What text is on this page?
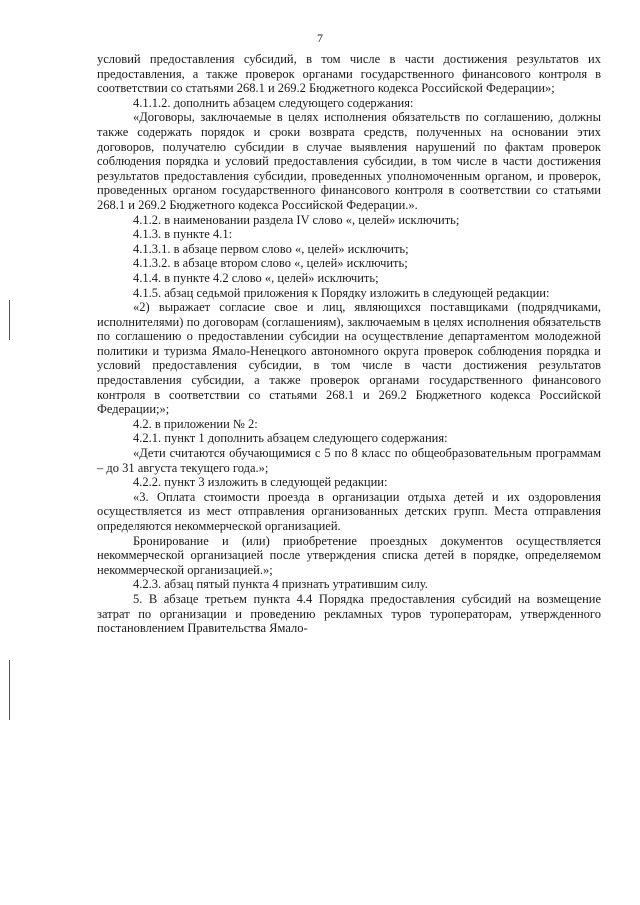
7

условий предоставления субсидий, в том числе в части достижения результатов их предоставления, а также проверок органами государственного финансового контроля в соответствии со статьями 268.1 и 269.2 Бюджетного кодекса Российской Федерации»;

4.1.1.2. дополнить абзацем следующего содержания:

«Договоры, заключаемые в целях исполнения обязательств по соглашению, должны также содержать порядок и сроки возврата средств, полученных на основании этих договоров, получателю субсидии в случае выявления нарушений по фактам проверок соблюдения порядка и условий предоставления субсидии, в том числе в части достижения результатов предоставления субсидии, проведенных уполномоченным органом, и проверок, проведенных органом государственного финансового контроля в соответствии со статьями 268.1 и 269.2 Бюджетного кодекса Российской Федерации.».

4.1.2. в наименовании раздела IV слово «, целей» исключить;

4.1.3. в пункте 4.1:

4.1.3.1. в абзаце первом слово «, целей» исключить;

4.1.3.2. в абзаце втором слово «, целей» исключить;

4.1.4. в пункте 4.2 слово «, целей» исключить;

4.1.5. абзац седьмой приложения к Порядку изложить в следующей редакции:

«2) выражает согласие свое и лиц, являющихся поставщиками (подрядчиками, исполнителями) по договорам (соглашениям), заключаемым в целях исполнения обязательств по соглашению о предоставлении субсидии на осуществление департаментом молодежной политики и туризма Ямало-Ненецкого автономного округа проверок соблюдения порядка и условий предоставления субсидии, в том числе в части достижения результатов предоставления субсидии, а также проверок органами государственного финансового контроля в соответствии со статьями 268.1 и 269.2 Бюджетного кодекса Российской Федерации;»;

4.2. в приложении № 2:

4.2.1. пункт 1 дополнить абзацем следующего содержания:

«Дети считаются обучающимися с 5 по 8 класс по общеобразовательным программам – до 31 августа текущего года.»;

4.2.2. пункт 3 изложить в следующей редакции:

«3. Оплата стоимости проезда в организации отдыха детей и их оздоровления осуществляется из мест отправления организованных детских групп. Места отправления определяются некоммерческой организацией.

Бронирование и (или) приобретение проездных документов осуществляется некоммерческой организацией после утверждения списка детей в порядке, определяемом некоммерческой организацией.»;

4.2.3. абзац пятый пункта 4 признать утратившим силу.

5. В абзаце третьем пункта 4.4 Порядка предоставления субсидий на возмещение затрат по организации и проведению рекламных туров туроператорам, утвержденного постановлением Правительства Ямало-
